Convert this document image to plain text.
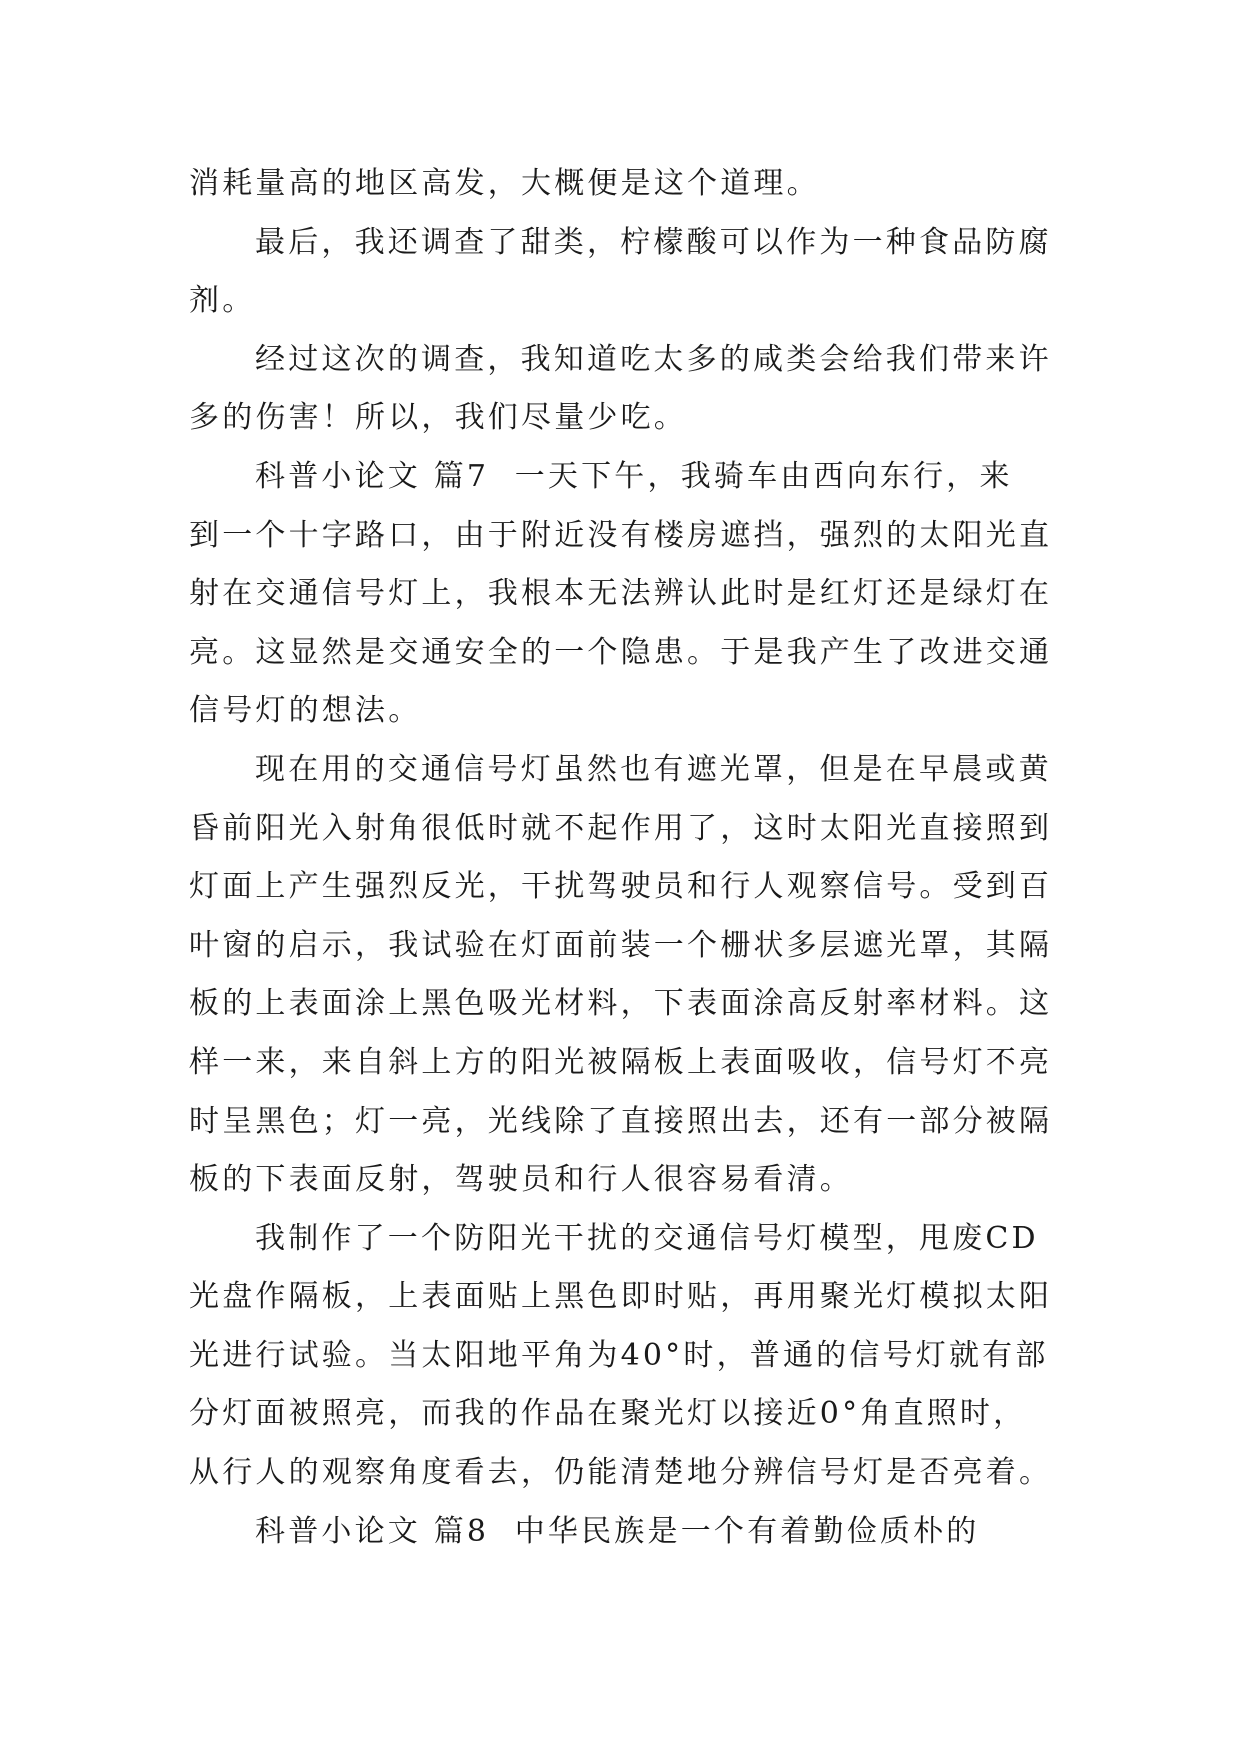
消耗量高的地区高发，大概便是这个道理。
最后，我还调查了甜类，柠檬酸可以作为一种食品防腐
剂。
经过这次的调查，我知道吃太多的咸类会给我们带来许
多的伤害！所以，我们尽量少吃。
科普小论文 篇7  一天下午，我骑车由西向东行，来
到一个十字路口，由于附近没有楼房遮挡，强烈的太阳光直
射在交通信号灯上，我根本无法辨认此时是红灯还是绿灯在
亮。这显然是交通安全的一个隐患。于是我产生了改进交通
信号灯的想法。
现在用的交通信号灯虽然也有遮光罩，但是在早晨或黄
昏前阳光入射角很低时就不起作用了，这时太阳光直接照到
灯面上产生强烈反光，干扰驾驶员和行人观察信号。受到百
叶窗的启示，我试验在灯面前装一个栅状多层遮光罩，其隔
板的上表面涂上黑色吸光材料，下表面涂高反射率材料。这
样一来，来自斜上方的阳光被隔板上表面吸收，信号灯不亮
时呈黑色；灯一亮，光线除了直接照出去，还有一部分被隔
板的下表面反射，驾驶员和行人很容易看清。
我制作了一个防阳光干扰的交通信号灯模型，甩废CD
光盘作隔板，上表面贴上黑色即时贴，再用聚光灯模拟太阳
光进行试验。当太阳地平角为40°时，普通的信号灯就有部
分灯面被照亮，而我的作品在聚光灯以接近0°角直照时，
从行人的观察角度看去，仍能清楚地分辨信号灯是否亮着。
科普小论文 篇8  中华民族是一个有着勤俭质朴的
